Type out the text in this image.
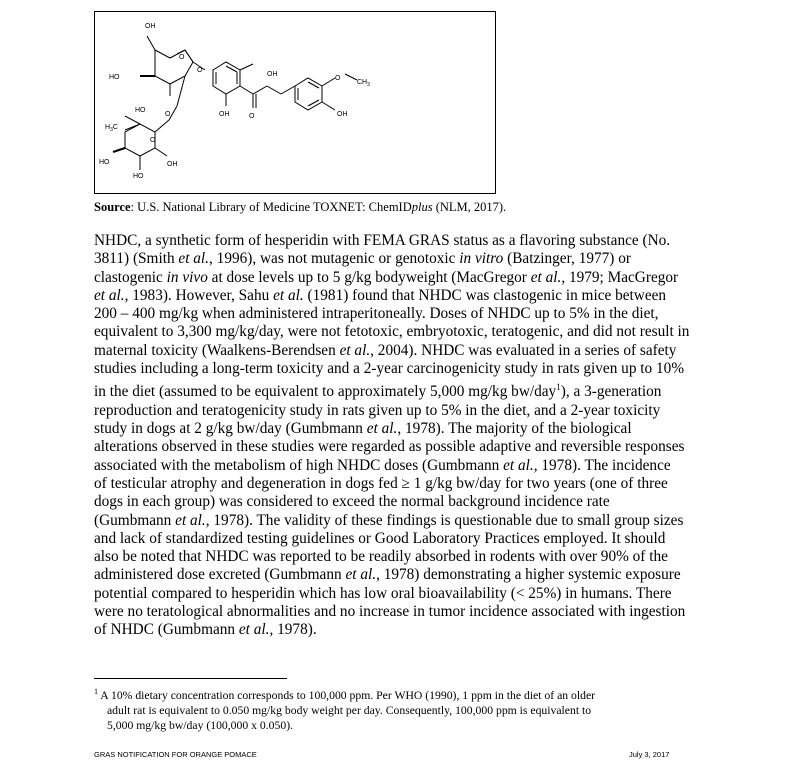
OH
HO
HO
O
O
OH
OH	O
O
$CH_3$
OH
$H_3C$
O
O
HO	OH
HO
Source: U.S. National Library of Medicine TOXNET: ChemIDplus (NLM, 2017).

NHDC, a synthetic form of hesperidin with FEMA GRAS status as a flavoring substance (No.
3811) (Smith et al., 1996), was not mutagenic or genotoxic in vitro (Batzinger, 1977) or
clastogenic in vivo at dose levels up to 5 g/kg bodyweight (MacGregor et al., 1979; MacGregor
et al., 1983). However, Sahu et al. (1981) found that NHDC was clastogenic in mice between
200 – 400 mg/kg when administered intraperitoneally. Doses of NHDC up to 5% in the diet,
equivalent to 3,300 mg/kg/day, were not fetotoxic, embryotoxic, teratogenic, and did not result in
maternal toxicity (Waalkens-Berendsen et al., 2004). NHDC was evaluated in a series of safety
studies including a long-term toxicity and a 2-year carcinogenicity study in rats given up to 10%
in the diet (assumed to be equivalent to approximately 5,000 mg/kg bw/day$^1$), a 3-generation
reproduction and teratogenicity study in rats given up to 5% in the diet, and a 2-year toxicity
study in dogs at 2 g/kg bw/day (Gumbmann et al., 1978). The majority of the biological
alterations observed in these studies were regarded as possible adaptive and reversible responses
associated with the metabolism of high NHDC doses (Gumbmann et al., 1978). The incidence
of testicular atrophy and degeneration in dogs fed ≥ 1 g/kg bw/day for two years (one of three
dogs in each group) was considered to exceed the normal background incidence rate
(Gumbmann et al., 1978). The validity of these findings is questionable due to small group sizes
and lack of standardized testing guidelines or Good Laboratory Practices employed. It should
also be noted that NHDC was reported to be readily absorbed in rodents with over 90% of the
administered dose excreted (Gumbmann et al., 1978) demonstrating a higher systemic exposure
potential compared to hesperidin which has low oral bioavailability (< 25%) in humans. There
were no teratological abnormalities and no increase in tumor incidence associated with ingestion
of NHDC (Gumbmann et al., 1978).

$^1$ A 10% dietary concentration corresponds to 100,000 ppm. Per WHO (1990), 1 ppm in the diet of an older
adult rat is equivalent to 0.050 mg/kg body weight per day. Consequently, 100,000 ppm is equivalent to
5,000 mg/kg bw/day (100,000 x 0.050).
GRAS NOTIFICATION FOR ORANGE POMACE	July 3, 2017
